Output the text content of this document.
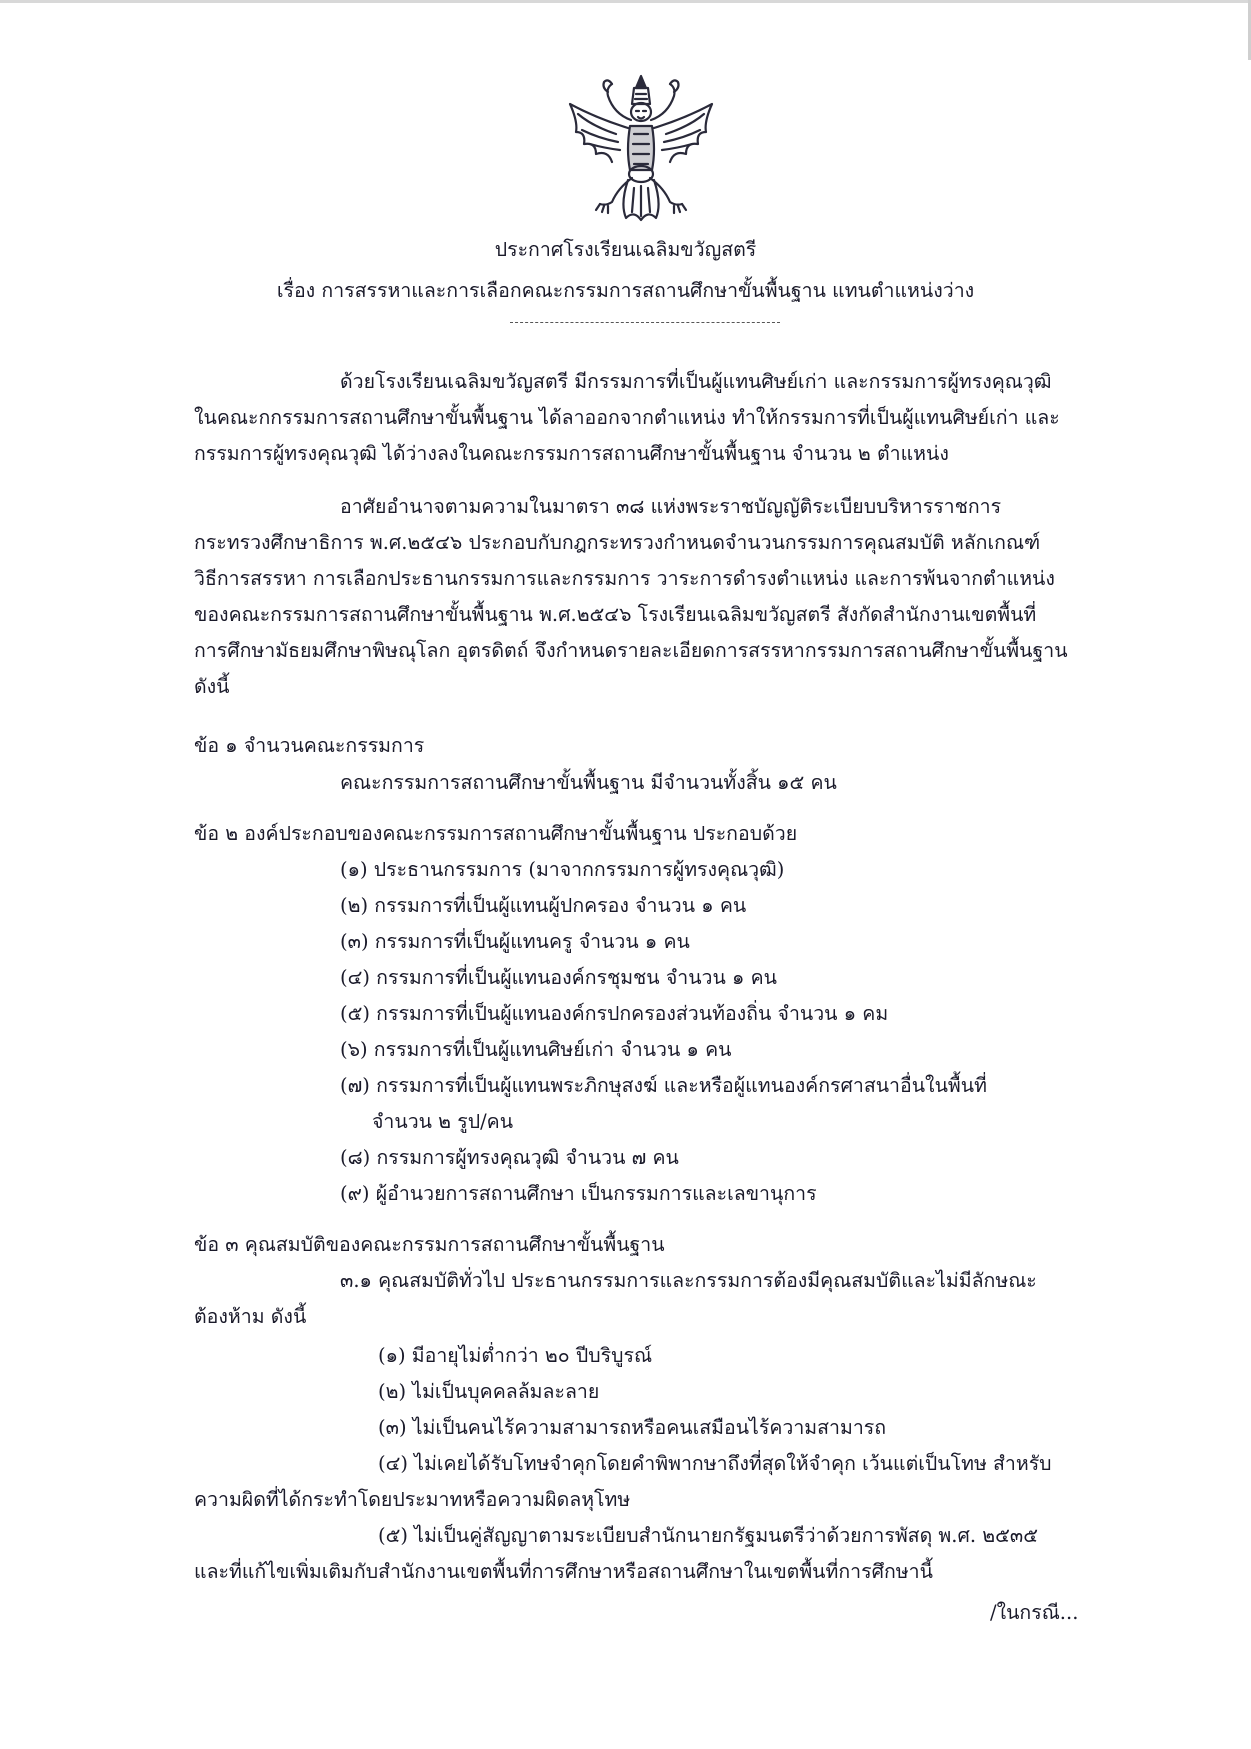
ประกาศโรงเรียนเฉลิมขวัญสตรี
เรื่อง การสรรหาและการเลือกคณะกรรมการสถานศึกษาขั้นพื้นฐาน แทนตำแหน่งว่าง
ด้วยโรงเรียนเฉลิมขวัญสตรี มีกรรมการที่เป็นผู้แทนศิษย์เก่า และกรรมการผู้ทรงคุณวุฒิ
ในคณะกกรรมการสถานศึกษาขั้นพื้นฐาน ได้ลาออกจากตำแหน่ง ทำให้กรรมการที่เป็นผู้แทนศิษย์เก่า และ
กรรมการผู้ทรงคุณวุฒิ ได้ว่างลงในคณะกรรมการสถานศึกษาขั้นพื้นฐาน จำนวน ๒ ตำแหน่ง
อาศัยอำนาจตามความในมาตรา ๓๘ แห่งพระราชบัญญัติระเบียบบริหารราชการ
กระทรวงศึกษาธิการ พ.ศ.๒๕๔๖ ประกอบกับกฎกระทรวงกำหนดจำนวนกรรมการคุณสมบัติ หลักเกณฑ์
วิธีการสรรหา การเลือกประธานกรรมการและกรรมการ วาระการดำรงตำแหน่ง และการพ้นจากตำแหน่ง
ของคณะกรรมการสถานศึกษาขั้นพื้นฐาน พ.ศ.๒๕๔๖ โรงเรียนเฉลิมขวัญสตรี สังกัดสำนักงานเขตพื้นที่
การศึกษามัธยมศึกษาพิษณุโลก อุตรดิตถ์ จึงกำหนดรายละเอียดการสรรหากรรมการสถานศึกษาขั้นพื้นฐาน
ดังนี้
ข้อ ๑ จำนวนคณะกรรมการ
คณะกรรมการสถานศึกษาขั้นพื้นฐาน มีจำนวนทั้งสิ้น ๑๕ คน
ข้อ ๒ องค์ประกอบของคณะกรรมการสถานศึกษาขั้นพื้นฐาน ประกอบด้วย
(๑) ประธานกรรมการ (มาจากกรรมการผู้ทรงคุณวุฒิ)
(๒) กรรมการที่เป็นผู้แทนผู้ปกครอง จำนวน ๑ คน
(๓) กรรมการที่เป็นผู้แทนครู จำนวน ๑ คน
(๔) กรรมการที่เป็นผู้แทนองค์กรชุมชน จำนวน ๑ คน
(๕) กรรมการที่เป็นผู้แทนองค์กรปกครองส่วนท้องถิ่น จำนวน ๑ คม
(๖) กรรมการที่เป็นผู้แทนศิษย์เก่า จำนวน ๑ คน
(๗) กรรมการที่เป็นผู้แทนพระภิกษุสงฆ์ และหรือผู้แทนองค์กรศาสนาอื่นในพื้นที่
จำนวน ๒ รูป/คน
(๘) กรรมการผู้ทรงคุณวุฒิ จำนวน ๗ คน
(๙) ผู้อำนวยการสถานศึกษา เป็นกรรมการและเลขานุการ
ข้อ ๓ คุณสมบัติของคณะกรรมการสถานศึกษาขั้นพื้นฐาน
๓.๑ คุณสมบัติทั่วไป ประธานกรรมการและกรรมการต้องมีคุณสมบัติและไม่มีลักษณะ
ต้องห้าม ดังนี้
(๑) มีอายุไม่ต่ำกว่า ๒๐ ปีบริบูรณ์
(๒) ไม่เป็นบุคคลล้มละลาย
(๓) ไม่เป็นคนไร้ความสามารถหรือคนเสมือนไร้ความสามารถ
(๔) ไม่เคยได้รับโทษจำคุกโดยคำพิพากษาถึงที่สุดให้จำคุก เว้นแต่เป็นโทษ สำหรับ
ความผิดที่ได้กระทำโดยประมาทหรือความผิดลหุโทษ
(๕) ไม่เป็นคู่สัญญาตามระเบียบสำนักนายกรัฐมนตรีว่าด้วยการพัสดุ พ.ศ. ๒๕๓๕
และที่แก้ไขเพิ่มเติมกับสำนักงานเขตพื้นที่การศึกษาหรือสถานศึกษาในเขตพื้นที่การศึกษานี้
/ในกรณี...
